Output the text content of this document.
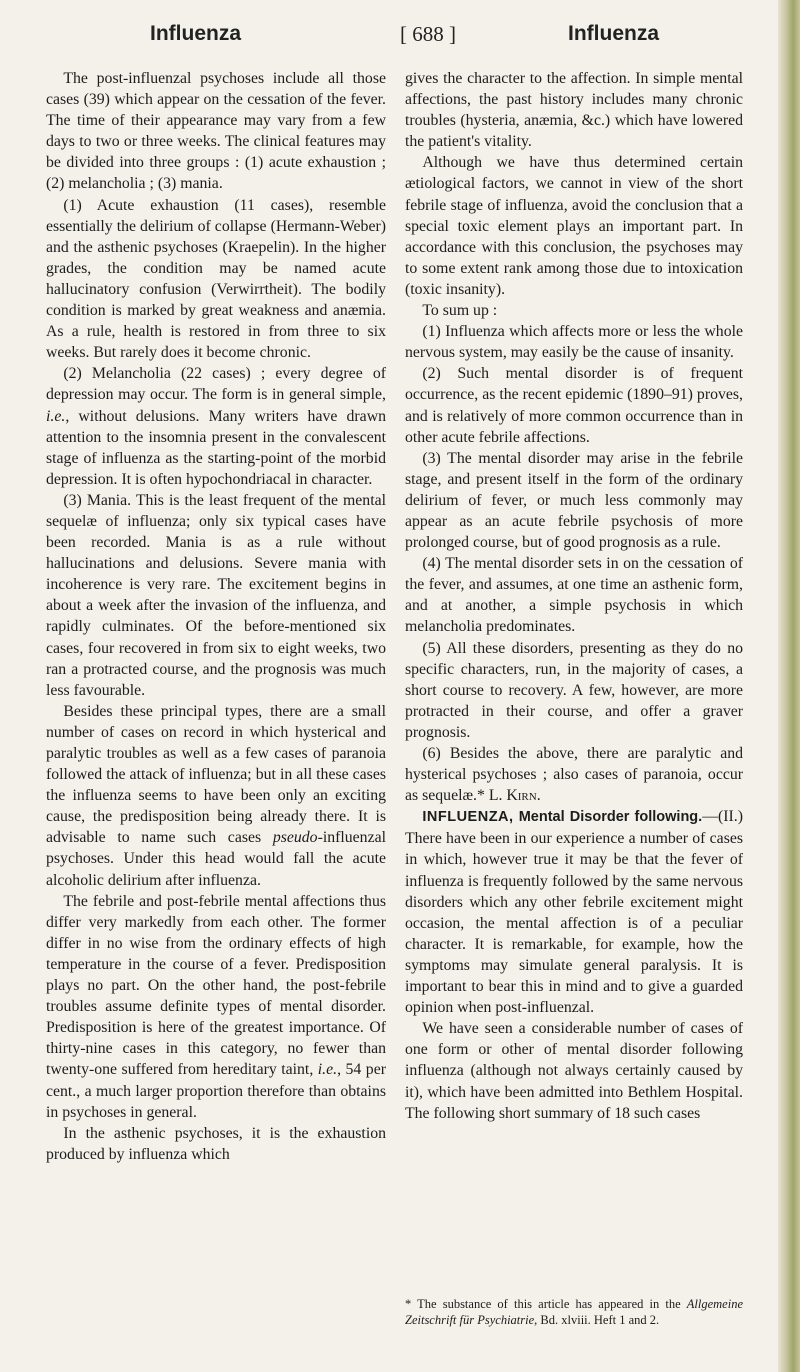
Influenza	[ 688 ]	Influenza

The post-influenzal psychoses include all those cases (39) which appear on the cessation of the fever. The time of their appearance may vary from a few days to two or three weeks. The clinical features may be divided into three groups : (1) acute exhaustion ; (2) melancholia ; (3) mania.

(1) Acute exhaustion (11 cases), resemble essentially the delirium of collapse (Hermann-Weber) and the asthenic psychoses (Kraepelin). In the higher grades, the condition may be named acute hallucinatory confusion (Verwirrtheit). The bodily condition is marked by great weakness and anæmia. As a rule, health is restored in from three to six weeks. But rarely does it become chronic.

(2) Melancholia (22 cases) ; every degree of depression may occur. The form is in general simple, i.e., without delusions. Many writers have drawn attention to the insomnia present in the convalescent stage of influenza as the starting-point of the morbid depression. It is often hypochondriacal in character.

(3) Mania. This is the least frequent of the mental sequelæ of influenza; only six typical cases have been recorded. Mania is as a rule without hallucinations and delusions. Severe mania with incoherence is very rare. The excitement begins in about a week after the invasion of the influenza, and rapidly culminates. Of the before-mentioned six cases, four recovered in from six to eight weeks, two ran a protracted course, and the prognosis was much less favourable.

Besides these principal types, there are a small number of cases on record in which hysterical and paralytic troubles as well as a few cases of paranoia followed the attack of influenza; but in all these cases the influenza seems to have been only an exciting cause, the predisposition being already there. It is advisable to name such cases pseudo-influenzal psychoses. Under this head would fall the acute alcoholic delirium after influenza.

The febrile and post-febrile mental affections thus differ very markedly from each other. The former differ in no wise from the ordinary effects of high temperature in the course of a fever. Predisposition plays no part. On the other hand, the post-febrile troubles assume definite types of mental disorder. Predisposition is here of the greatest importance. Of thirty-nine cases in this category, no fewer than twenty-one suffered from hereditary taint, i.e., 54 per cent., a much larger proportion therefore than obtains in psychoses in general.

In the asthenic psychoses, it is the exhaustion produced by influenza which

gives the character to the affection. In simple mental affections, the past history includes many chronic troubles (hysteria, anæmia, &c.) which have lowered the patient's vitality.

Although we have thus determined certain ætiological factors, we cannot in view of the short febrile stage of influenza, avoid the conclusion that a special toxic element plays an important part. In accordance with this conclusion, the psychoses may to some extent rank among those due to intoxication (toxic insanity).

To sum up :

(1) Influenza which affects more or less the whole nervous system, may easily be the cause of insanity.

(2) Such mental disorder is of frequent occurrence, as the recent epidemic (1890–91) proves, and is relatively of more common occurrence than in other acute febrile affections.

(3) The mental disorder may arise in the febrile stage, and present itself in the form of the ordinary delirium of fever, or much less commonly may appear as an acute febrile psychosis of more prolonged course, but of good prognosis as a rule.

(4) The mental disorder sets in on the cessation of the fever, and assumes, at one time an asthenic form, and at another, a simple psychosis in which melancholia predominates.

(5) All these disorders, presenting as they do no specific characters, run, in the majority of cases, a short course to recovery. A few, however, are more protracted in their course, and offer a graver prognosis.

(6) Besides the above, there are paralytic and hysterical psychoses ; also cases of paranoia, occur as sequelæ.* L. Kirn.

INFLUENZA, Mental Disorder following.—(II.) There have been in our experience a number of cases in which, however true it may be that the fever of influenza is frequently followed by the same nervous disorders which any other febrile excitement might occasion, the mental affection is of a peculiar character. It is remarkable, for example, how the symptoms may simulate general paralysis. It is important to bear this in mind and to give a guarded opinion when post-influenzal.

We have seen a considerable number of cases of one form or other of mental disorder following influenza (although not always certainly caused by it), which have been admitted into Bethlem Hospital. The following short summary of 18 such cases

* The substance of this article has appeared in the Allgemeine Zeitschrift für Psychiatrie, Bd. xlviii. Heft 1 and 2.
